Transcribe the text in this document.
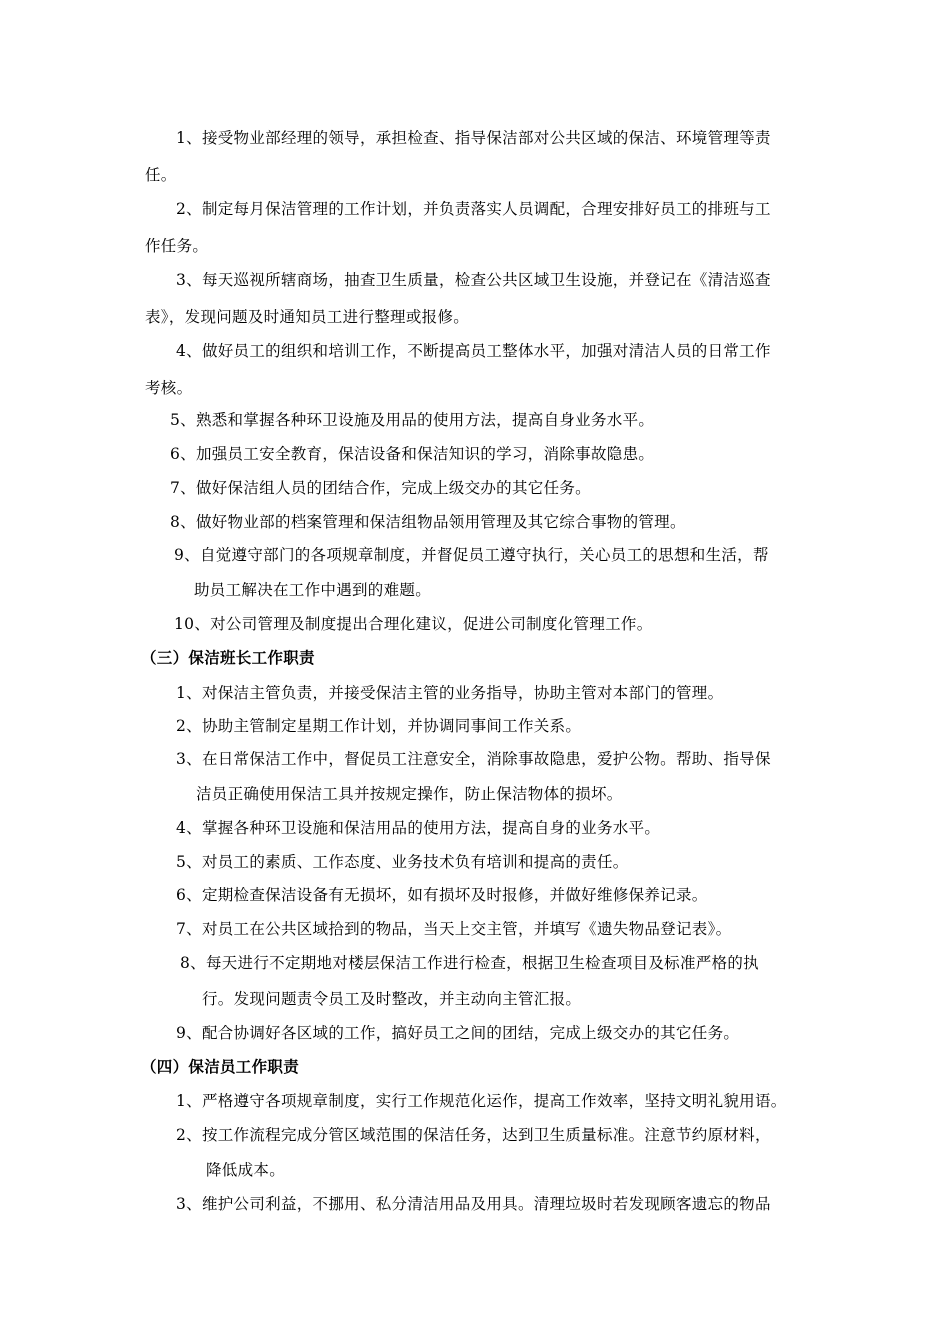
1、接受物业部经理的领导，承担检查、指导保洁部对公共区域的保洁、环境管理等责
任。
2、制定每月保洁管理的工作计划，并负责落实人员调配，合理安排好员工的排班与工
作任务。
3、每天巡视所辖商场，抽查卫生质量，检查公共区域卫生设施，并登记在《清洁巡查
表》，发现问题及时通知员工进行整理或报修。
4、做好员工的组织和培训工作，不断提高员工整体水平，加强对清洁人员的日常工作
考核。
5、熟悉和掌握各种环卫设施及用品的使用方法，提高自身业务水平。
6、加强员工安全教育，保洁设备和保洁知识的学习，消除事故隐患。
7、做好保洁组人员的团结合作，完成上级交办的其它任务。
8、做好物业部的档案管理和保洁组物品领用管理及其它综合事物的管理。
9、自觉遵守部门的各项规章制度，并督促员工遵守执行，关心员工的思想和生活，帮
助员工解决在工作中遇到的难题。
10、对公司管理及制度提出合理化建议，促进公司制度化管理工作。
（三）保洁班长工作职责
1、对保洁主管负责，并接受保洁主管的业务指导，协助主管对本部门的管理。
2、协助主管制定星期工作计划，并协调同事间工作关系。
3、在日常保洁工作中，督促员工注意安全，消除事故隐患，爱护公物。帮助、指导保
洁员正确使用保洁工具并按规定操作，防止保洁物体的损坏。
4、掌握各种环卫设施和保洁用品的使用方法，提高自身的业务水平。
5、对员工的素质、工作态度、业务技术负有培训和提高的责任。
6、定期检查保洁设备有无损坏，如有损坏及时报修，并做好维修保养记录。
7、对员工在公共区域拾到的物品，当天上交主管，并填写《遗失物品登记表》。
8、每天进行不定期地对楼层保洁工作进行检查，根据卫生检查项目及标准严格的执
行。发现问题责令员工及时整改，并主动向主管汇报。
9、配合协调好各区域的工作，搞好员工之间的团结，完成上级交办的其它任务。
（四）保洁员工作职责
1、严格遵守各项规章制度，实行工作规范化运作，提高工作效率，坚持文明礼貌用语。
2、按工作流程完成分管区域范围的保洁任务，达到卫生质量标准。注意节约原材料，
降低成本。
3、维护公司利益，不挪用、私分清洁用品及用具。清理垃圾时若发现顾客遗忘的物品
